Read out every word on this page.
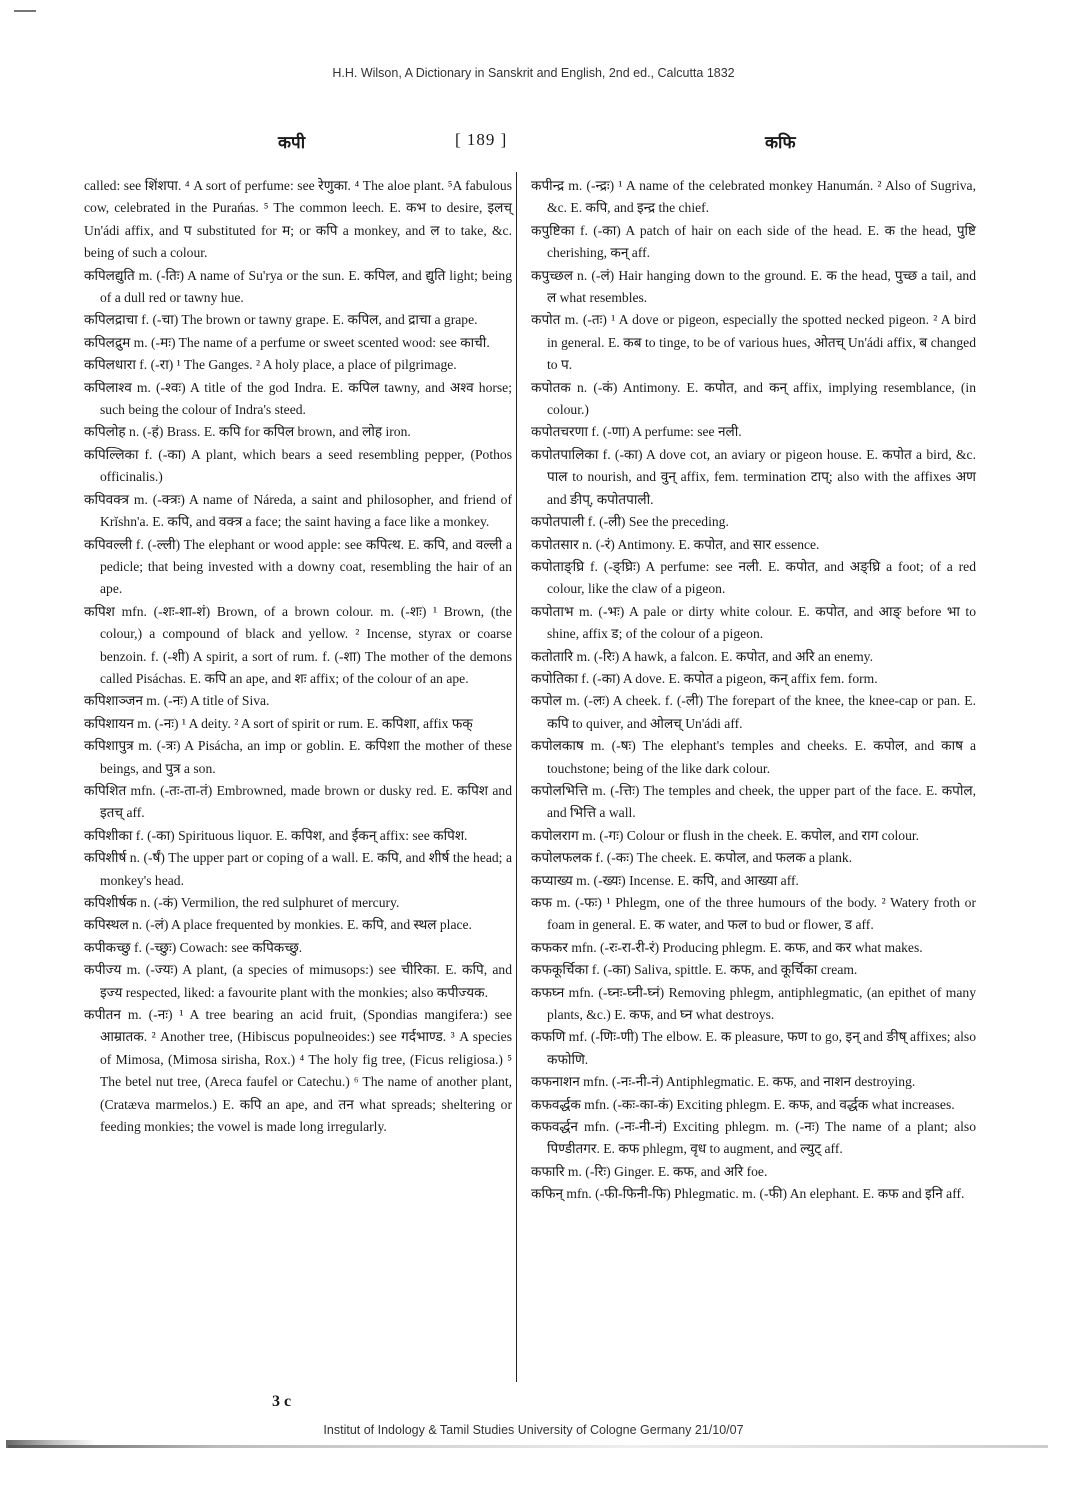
H.H. Wilson, A Dictionary in Sanskrit and English, 2nd ed., Calcutta 1832
कपी	[ 189 ]	कफि

called: see शिंशपा. ⁴ A sort of perfume: see रेणुका. ⁴ The aloe plant. ⁵A fabulous cow, celebrated in the Purańas. ⁵ The common leech. E. कभ to desire, इलच् Un'ádi affix, and प substituted for म; or कपि a monkey, and ल to take, &c. being of such a colour.

कपिलद्युति m. (-तिः) A name of Su'rya or the sun. E. कपिल, and द्युति light; being of a dull red or tawny hue.

कपिलद्राचा f. (-चा) The brown or tawny grape. E. कपिल, and द्राचा a grape.

कपिलद्रुम m. (-मः) The name of a perfume or sweet scented wood: see काची.

कपिलधारा f. (-रा) ¹ The Ganges. ² A holy place, a place of pilgrimage.

कपिलाश्व m. (-श्वः) A title of the god Indra. E. कपिल tawny, and अश्व horse; such being the colour of Indra's steed.

कपिलोह n. (-हं) Brass. E. कपि for कपिल brown, and लोह iron.

कपिल्लिका f. (-का) A plant, which bears a seed resembling pepper, (Pothos officinalis.)

कपिवक्त्र m. (-क्त्रः) A name of Náreda, a saint and philosopher, and friend of Krĭshn'a. E. कपि, and वक्त्र a face; the saint having a face like a monkey.

कपिवल्ली f. (-ल्ली) The elephant or wood apple: see कपित्थ. E. कपि, and वल्ली a pedicle; that being invested with a downy coat, resembling the hair of an ape.

कपिश mfn. (-शः-शा-शं) Brown, of a brown colour. m. (-शः) ¹ Brown, (the colour,) a compound of black and yellow. ² Incense, styrax or coarse benzoin. f. (-शी) A spirit, a sort of rum. f. (-शा) The mother of the demons called Pisáchas. E. कपि an ape, and शः affix; of the colour of an ape.

कपिशाञ्जन m. (-नः) A title of Siva.

कपिशायन m. (-नः) ¹ A deity. ² A sort of spirit or rum. E. कपिशा, affix फक्

कपिशापुत्र m. (-त्रः) A Pisácha, an imp or goblin. E. कपिशा the mother of these beings, and पुत्र a son.

कपिशित mfn. (-तः-ता-तं) Embrowned, made brown or dusky red. E. कपिश and इतच् aff.

कपिशीका f. (-का) Spirituous liquor. E. कपिश, and ईकन् affix: see कपिश.

कपिशीर्ष n. (-र्षं) The upper part or coping of a wall. E. कपि, and शीर्ष the head; a monkey's head.

कपिशीर्षक n. (-कं) Vermilion, the red sulphuret of mercury.

कपिस्थल n. (-लं) A place frequented by monkies. E. कपि, and स्थल place.

कपीकच्छु f. (-च्छुः) Cowach: see कपिकच्छु.

कपीज्य m. (-ज्यः) A plant, (a species of mimusops:) see चीरिका. E. कपि, and इज्य respected, liked: a favourite plant with the monkies; also कपीज्यक.

कपीतन m. (-नः) ¹ A tree bearing an acid fruit, (Spondias mangifera:) see आम्रातक. ² Another tree, (Hibiscus populneoides:) see गर्दभाण्ड. ³ A species of Mimosa, (Mimosa sirisha, Rox.) ⁴ The holy fig tree, (Ficus religiosa.) ⁵ The betel nut tree, (Areca faufel or Catechu.) ⁶ The name of another plant, (Cratæva marmelos.) E. कपि an ape, and तन what spreads; sheltering or feeding monkies; the vowel is made long irregularly.

कपीन्द्र m. (-न्द्रः) ¹ A name of the celebrated monkey Hanumán. ² Also of Sugriva, &c. E. कपि, and इन्द्र the chief.

कपुष्टिका f. (-का) A patch of hair on each side of the head. E. क the head, पुष्टि cherishing, कन् aff.

कपुच्छल n. (-लं) Hair hanging down to the ground. E. क the head, पुच्छ a tail, and ल what resembles.

कपोत m. (-तः) ¹ A dove or pigeon, especially the spotted necked pigeon. ² A bird in general. E. कब to tinge, to be of various hues, ओतच् Un'ádi affix, ब changed to प.

कपोतक n. (-कं) Antimony. E. कपोत, and कन् affix, implying resemblance, (in colour.)

कपोतचरणा f. (-णा) A perfume: see नली.

कपोतपालिका f. (-का) A dove cot, an aviary or pigeon house. E. कपोत a bird, &c. पाल to nourish, and वुन् affix, fem. termination टाप्; also with the affixes अण and ङीप्, कपोतपाली.

कपोतपाली f. (-ली) See the preceding.

कपोतसार n. (-रं) Antimony. E. कपोत, and सार essence.

कपोताङ्घ्रि f. (-ङ्घ्रिः) A perfume: see नली. E. कपोत, and अङ्घ्रि a foot; of a red colour, like the claw of a pigeon.

कपोताभ m. (-भः) A pale or dirty white colour. E. कपोत, and आङ् before भा to shine, affix ड; of the colour of a pigeon.

कतोतारि m. (-रिः) A hawk, a falcon. E. कपोत, and अरि an enemy.

कपोतिका f. (-का) A dove. E. कपोत a pigeon, कन् affix fem. form.

कपोल m. (-लः) A cheek. f. (-ली) The forepart of the knee, the knee-cap or pan. E. कपि to quiver, and ओलच् Un'ádi aff.

कपोलकाष m. (-षः) The elephant's temples and cheeks. E. कपोल, and काष a touchstone; being of the like dark colour.

कपोलभित्ति m. (-त्तिः) The temples and cheek, the upper part of the face. E. कपोल, and भित्ति a wall.

कपोलराग m. (-गः) Colour or flush in the cheek. E. कपोल, and राग colour.

कपोलफलक f. (-कः) The cheek. E. कपोल, and फलक a plank.

कप्याख्य m. (-ख्यः) Incense. E. कपि, and आख्या aff.

कफ m. (-फः) ¹ Phlegm, one of the three humours of the body. ² Watery froth or foam in general. E. क water, and फल to bud or flower, ड aff.

कफकर mfn. (-रः-रा-री-रं) Producing phlegm. E. कफ, and कर what makes.

कफकूर्चिका f. (-का) Saliva, spittle. E. कफ, and कूर्चिका cream.

कफघ्न mfn. (-घ्नः-घ्नी-घ्नं) Removing phlegm, antiphlegmatic, (an epithet of many plants, &c.) E. कफ, and घ्न what destroys.

कफणि mf. (-णिः-णी) The elbow. E. क pleasure, फण to go, इन् and ङीष् affixes; also कफोणि.

कफनाशन mfn. (-नः-नी-नं) Antiphlegmatic. E. कफ, and नाशन destroying.

कफवर्द्धक mfn. (-कः-का-कं) Exciting phlegm. E. कफ, and वर्द्धक what increases.

कफवर्द्धन mfn. (-नः-नी-नं) Exciting phlegm. m. (-नः) The name of a plant; also पिण्डीतगर. E. कफ phlegm, वृध to augment, and ल्युट् aff.

कफारि m. (-रिः) Ginger. E. कफ, and अरि foe.

कफिन् mfn. (-फी-फिनी-फि) Phlegmatic. m. (-फी) An elephant. E. कफ and इनि aff.

3 c
Institut of Indology & Tamil Studies University of Cologne Germany 21/10/07
